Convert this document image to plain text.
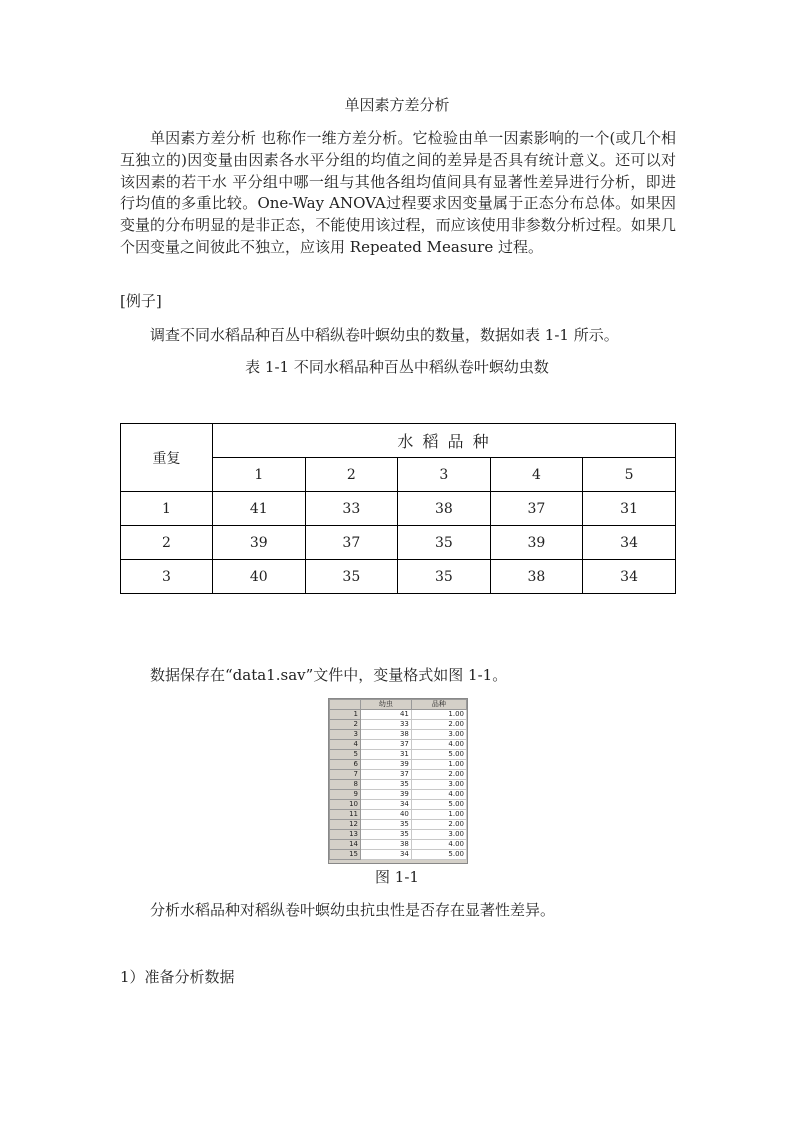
单因素方差分析
单因素方差分析 也称作一维方差分析。它检验由单一因素影响的一个(或几个相互独立的)因变量由因素各水平分组的均值之间的差异是否具有统计意义。还可以对该因素的若干水 平分组中哪一组与其他各组均值间具有显著性差异进行分析，即进行均值的多重比较。One-Way ANOVA过程要求因变量属于正态分布总体。如果因变量的分布明显的是非正态，不能使用该过程，而应该使用非参数分析过程。如果几个因变量之间彼此不独立，应该用 Repeated Measure 过程。
[例子]
调查不同水稻品种百丛中稻纵卷叶螟幼虫的数量，数据如表 1-1 所示。
表 1-1 不同水稻品种百丛中稻纵卷叶螟幼虫数
重复	水 稻 品 种				
	1	2	3	4	5
1	41	33	38	37	31
2	39	37	35	39	34
3	40	35	35	38	34
数据保存在“data1.sav”文件中，变量格式如图 1-1。
	幼虫	品种
1	41	1.00
2	33	2.00
3	38	3.00
4	37	4.00
5	31	5.00
6	39	1.00
7	37	2.00
8	35	3.00
9	39	4.00
10	34	5.00
11	40	1.00
12	35	2.00
13	35	3.00
14	38	4.00
15	34	5.00
图 1-1
分析水稻品种对稻纵卷叶螟幼虫抗虫性是否存在显著性差异。
1）准备分析数据
